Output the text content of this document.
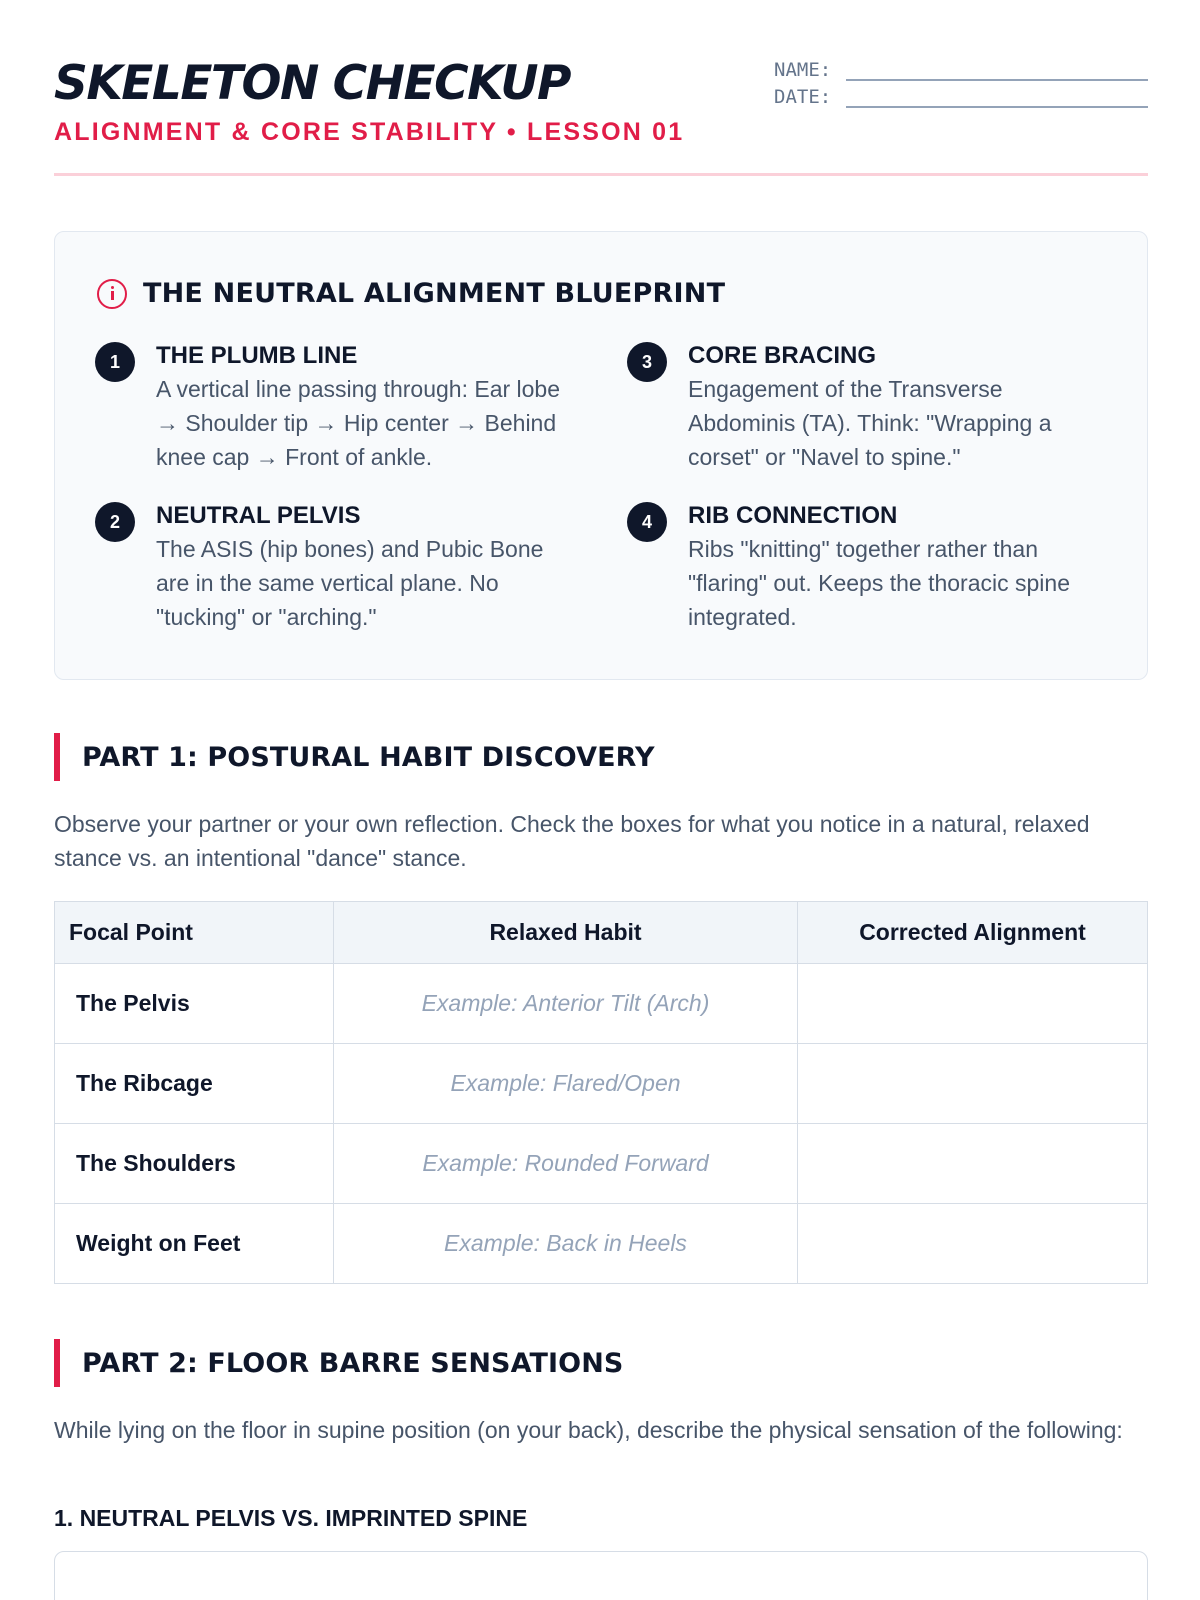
SKELETON CHECKUP
ALIGNMENT & CORE STABILITY • LESSON 01
NAME:
DATE:
THE NEUTRAL ALIGNMENT BLUEPRINT
1	THE PLUMB LINE
A vertical line passing through: Ear lobe → Shoulder tip → Hip center → Behind knee cap → Front of ankle.
2	NEUTRAL PELVIS
The ASIS (hip bones) and Pubic Bone are in the same vertical plane. No "tucking" or "arching."
3	CORE BRACING
Engagement of the Transverse Abdominis (TA). Think: "Wrapping a corset" or "Navel to spine."
4	RIB CONNECTION
Ribs "knitting" together rather than "flaring" out. Keeps the thoracic spine integrated.
PART 1: POSTURAL HABIT DISCOVERY
Observe your partner or your own reflection. Check the boxes for what you notice in a natural, relaxed stance vs. an intentional "dance" stance.
Focal Point	Relaxed Habit	Corrected Alignment
The Pelvis	Example: Anterior Tilt (Arch)	
The Ribcage	Example: Flared/Open	
The Shoulders	Example: Rounded Forward	
Weight on Feet	Example: Back in Heels	
PART 2: FLOOR BARRE SENSATIONS
While lying on the floor in supine position (on your back), describe the physical sensation of the following:
1. NEUTRAL PELVIS VS. IMPRINTED SPINE
